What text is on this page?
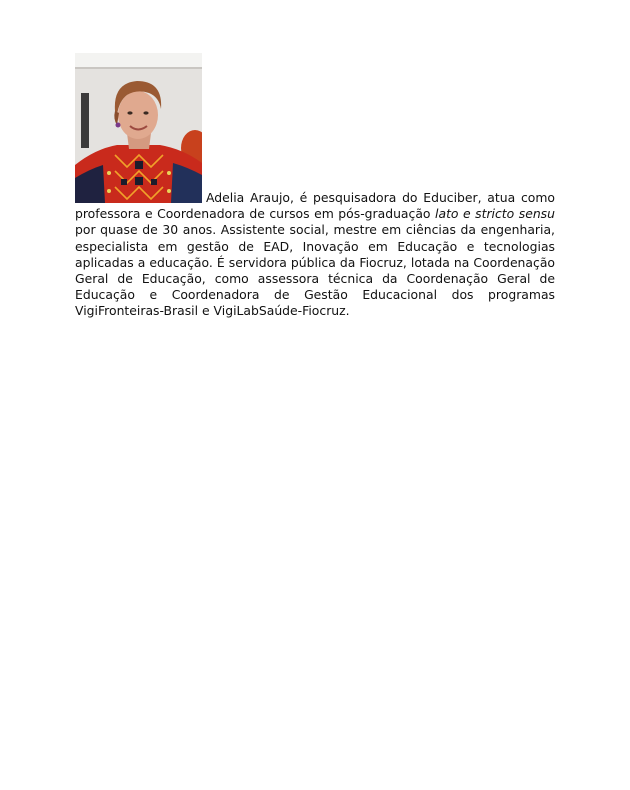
Adelia Araujo, é pesquisadora do Educiber, atua como professora e Coordenadora de cursos em pós-graduação lato e stricto sensu por quase de 30 anos. Assistente social, mestre em ciências da engenharia, especialista em gestão de EAD, Inovação em Educação e tecnologias aplicadas a educação. É servidora pública da Fiocruz, lotada na Coordenação Geral de Educação, como assessora técnica da Coordenação Geral de Educação e Coordenadora de Gestão Educacional dos programas VigiFronteiras-Brasil e VigiLabSaúde-Fiocruz.
